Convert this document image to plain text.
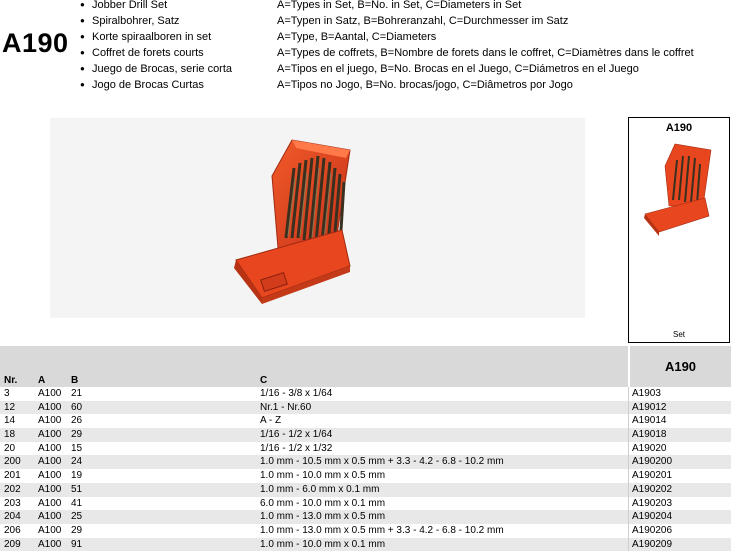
A190
● Jobber Drill Set
● Spiralbohrer, Satz
● Korte spiraalboren in set
● Coffret de forets courts
● Juego de Brocas, serie corta
● Jogo de Brocas Curtas
A=Types in Set, B=No. in Set, C=Diameters in Set
A=Typen in Satz, B=Bohreranzahl, C=Durchmesser im Satz
A=Type, B=Aantal, C=Diameters
A=Types de coffrets, B=Nombre de forets dans le coffret, C=Diamètres dans le coffret
A=Tipos en el juego, B=No. Brocas en el Juego, C=Diámetros en el Juego
A=Tipos no Jogo, B=No. brocas/jogo, C=Diâmetros por Jogo
A190
Set
Nr. A	B	C
A190
3	A100 21	1/16 - 3/8 x 1/64	A1903
12 A100 60	Nr.1 - Nr.60	A19012
14 A100 26	A - Z	A19014
18 A100 29	1/16 - 1/2 x 1/64	A19018
20 A100 15	1/16 - 1/2 x 1/32	A19020
200 A100 24	1.0 mm - 10.5 mm x 0.5 mm + 3.3 - 4.2 - 6.8 - 10.2 mm	A190200
201 A100 19	1.0 mm - 10.0 mm x 0.5 mm	A190201
202 A100 51	1.0 mm - 6.0 mm x 0.1 mm	A190202
203 A100 41	6.0 mm - 10.0 mm x 0.1 mm	A190203
204 A100 25	1.0 mm - 13.0 mm x 0.5 mm	A190204
206 A100 29	1.0 mm - 13.0 mm x 0.5 mm + 3.3 - 4.2 - 6.8 - 10.2 mm	A190206
209 A100 91	1.0 mm - 10.0 mm x 0.1 mm	A190209
